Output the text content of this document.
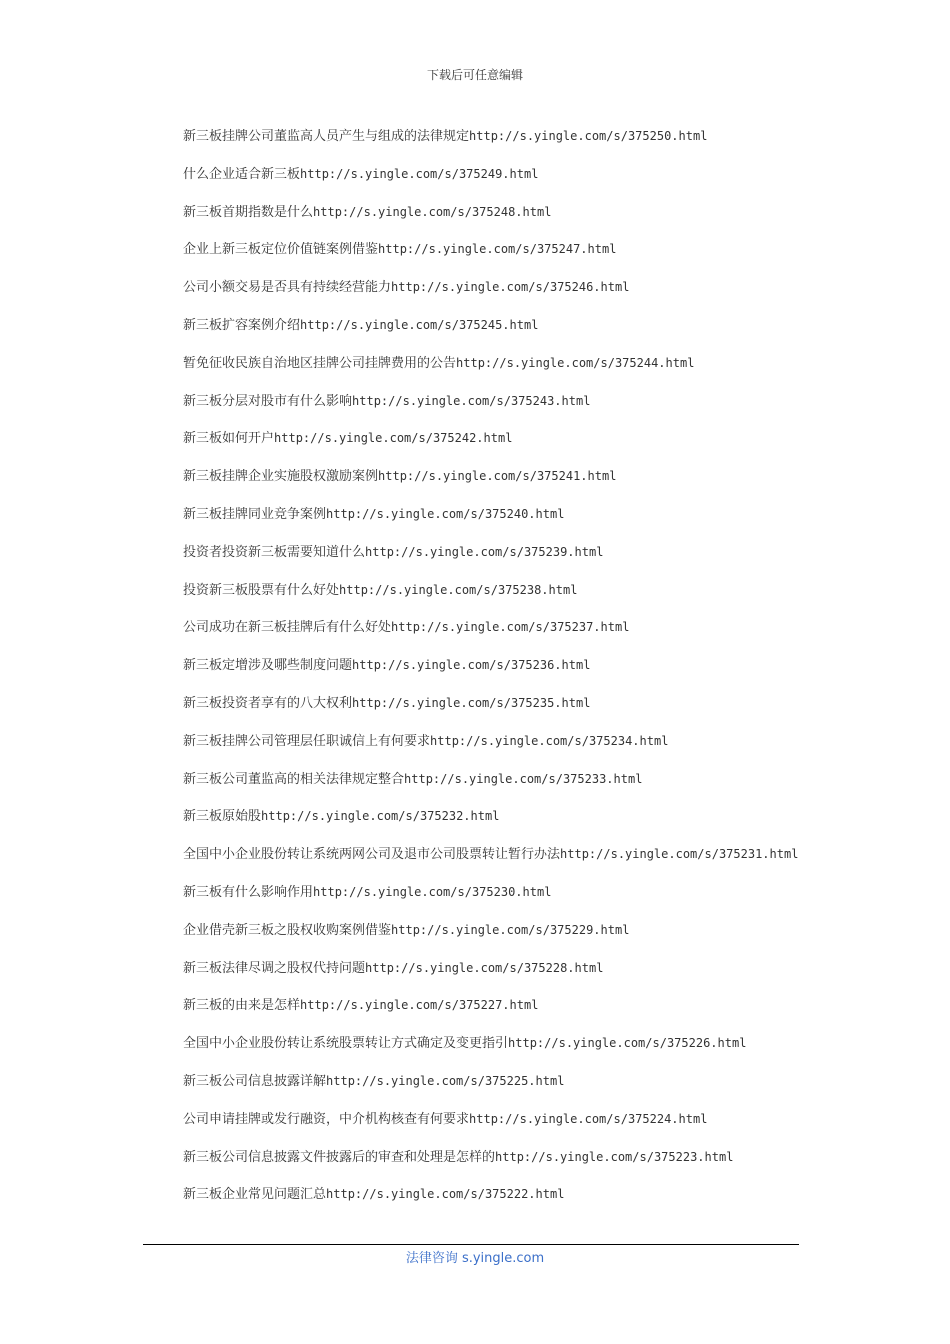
下载后可任意编辑
新三板挂牌公司董监高人员产生与组成的法律规定http://s.yingle.com/s/375250.html
什么企业适合新三板http://s.yingle.com/s/375249.html
新三板首期指数是什么http://s.yingle.com/s/375248.html
企业上新三板定位价值链案例借鉴http://s.yingle.com/s/375247.html
公司小额交易是否具有持续经营能力http://s.yingle.com/s/375246.html
新三板扩容案例介绍http://s.yingle.com/s/375245.html
暂免征收民族自治地区挂牌公司挂牌费用的公告http://s.yingle.com/s/375244.html
新三板分层对股市有什么影响http://s.yingle.com/s/375243.html
新三板如何开户http://s.yingle.com/s/375242.html
新三板挂牌企业实施股权激励案例http://s.yingle.com/s/375241.html
新三板挂牌同业竞争案例http://s.yingle.com/s/375240.html
投资者投资新三板需要知道什么http://s.yingle.com/s/375239.html
投资新三板股票有什么好处http://s.yingle.com/s/375238.html
公司成功在新三板挂牌后有什么好处http://s.yingle.com/s/375237.html
新三板定增涉及哪些制度问题http://s.yingle.com/s/375236.html
新三板投资者享有的八大权利http://s.yingle.com/s/375235.html
新三板挂牌公司管理层任职诚信上有何要求http://s.yingle.com/s/375234.html
新三板公司董监高的相关法律规定整合http://s.yingle.com/s/375233.html
新三板原始股http://s.yingle.com/s/375232.html
全国中小企业股份转让系统两网公司及退市公司股票转让暂行办法http://s.yingle.com/s/375231.html
新三板有什么影响作用http://s.yingle.com/s/375230.html
企业借壳新三板之股权收购案例借鉴http://s.yingle.com/s/375229.html
新三板法律尽调之股权代持问题http://s.yingle.com/s/375228.html
新三板的由来是怎样http://s.yingle.com/s/375227.html
全国中小企业股份转让系统股票转让方式确定及变更指引http://s.yingle.com/s/375226.html
新三板公司信息披露详解http://s.yingle.com/s/375225.html
公司申请挂牌或发行融资，中介机构核查有何要求http://s.yingle.com/s/375224.html
新三板公司信息披露文件披露后的审查和处理是怎样的http://s.yingle.com/s/375223.html
新三板企业常见问题汇总http://s.yingle.com/s/375222.html
法律咨询 s.yingle.com
